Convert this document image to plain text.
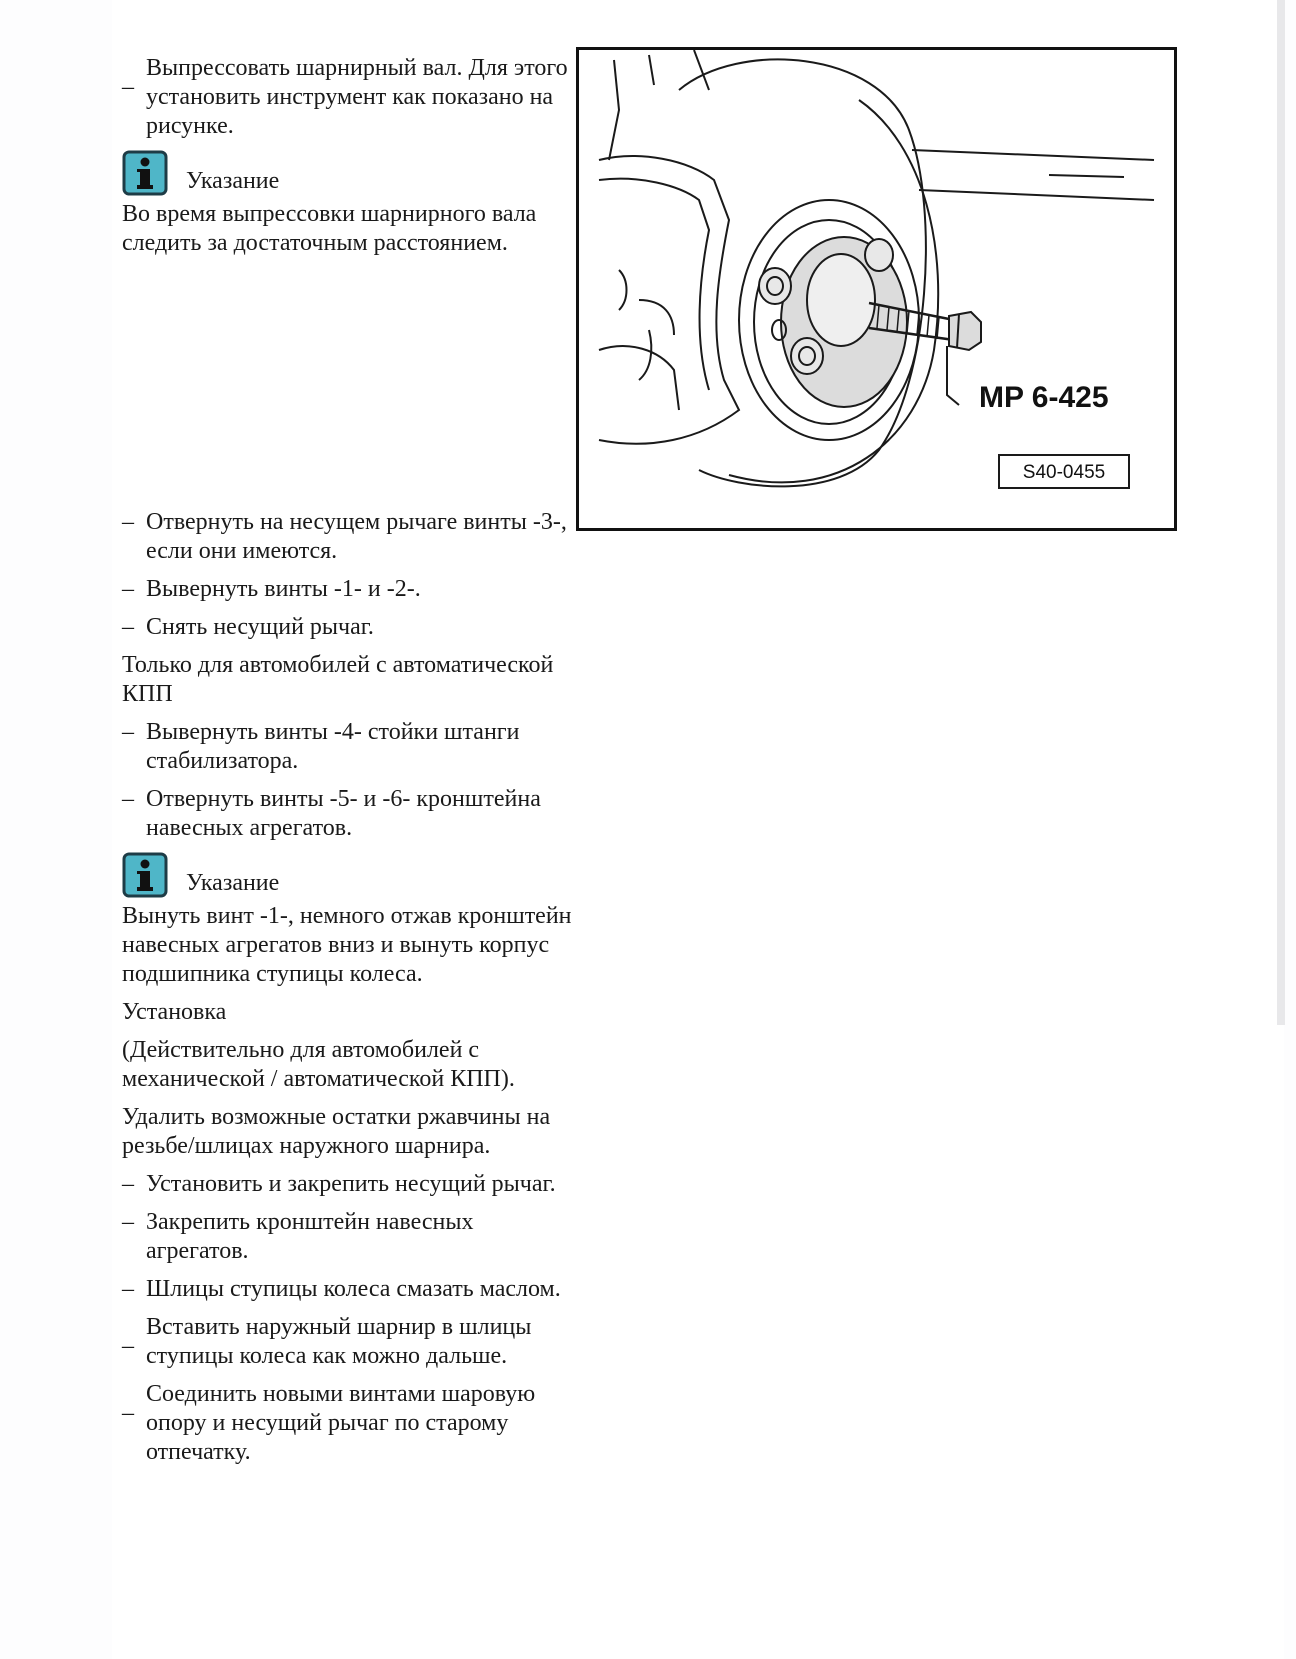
_ Выпрессовать шарнирный вал. Для этого установить инструмент как показано на рисунке.
Указание
Во время выпрессовки шарнирного вала следить за достаточным расстоянием.
– Отвернуть на несущем рычаге винты -3-, если они имеются.
– Вывернуть винты -1- и -2-.
– Снять несущий рычаг.
Только для автомобилей с автоматической КПП
– Вывернуть винты -4- стойки штанги стабилизатора.
– Отвернуть винты -5- и -6- кронштейна навесных агрегатов.
Указание
Вынуть винт -1-, немного отжав кронштейн навесных агрегатов вниз и вынуть корпус подшипника ступицы колеса.
Установка
(Действительно для автомобилей с механической / автоматической КПП).
Удалить возможные остатки ржавчины на резьбе/шлицах наружного шарнира.
– Установить и закрепить несущий рычаг.
– Закрепить кронштейн навесных агрегатов.
– Шлицы ступицы колеса смазать маслом.
_ Вставить наружный шарнир в шлицы ступицы колеса как можно дальше.
_ Соединить новыми винтами шаровую опору и несущий рычаг по старому отпечатку.
MP 6-425
S40-0455
